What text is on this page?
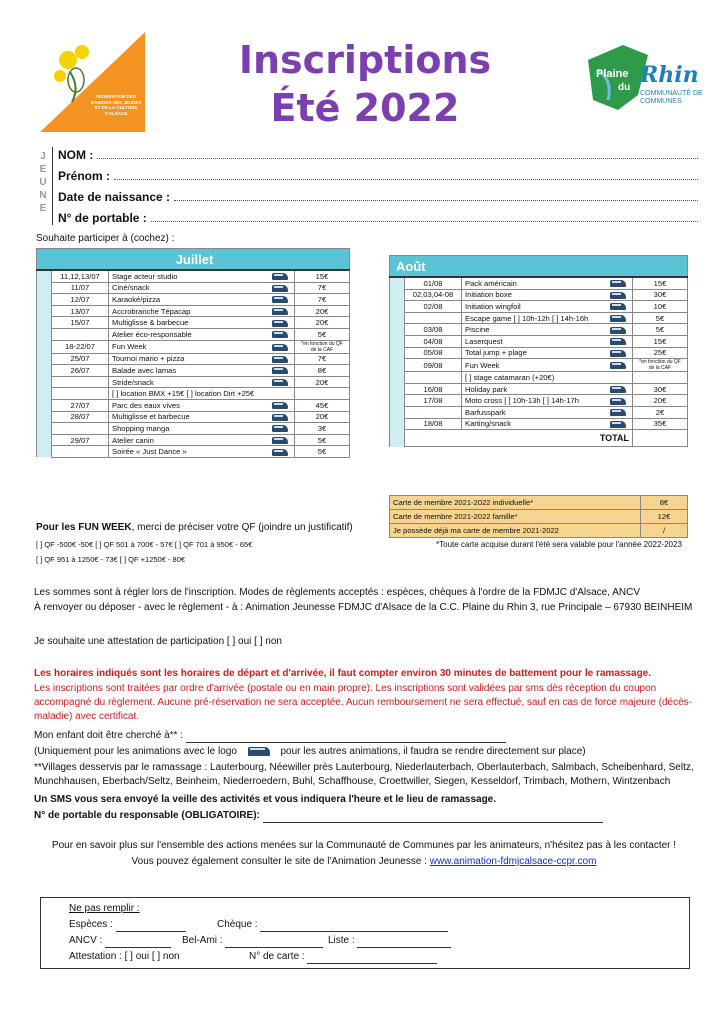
FÉDÉRATION DES MAISONS DES JEUNES ET DE LA CULTURE D'ALSACE
Inscriptions
Été 2022
Plaine
du Rhin
COMMUNAUTÉ DE COMMUNES
J
E
U
N
E
NOM :
Prénom :
Date de naissance :
N° de portable :
Souhaite participer à (cochez) :
Juillet				
	11,12,13/07	Stage acteur studio		15€
	11/07	Ciné/snack		7€
	12/07	Karaoké/pizza		7€
	13/07	Accrobranche Tépacap		20€
	15/07	Multiglisse & barbecue		20€
		Atelier éco-responsable		5€
	18-22/07	Fun Week		*en fonction du QF de la CAF
	25/07	Tournoi mario + pizza		7€
	26/07	Balade avec lamas		8€
		Stride/snack		20€
		[ ] location BMX +15€ [ ] location Dirt +25€		
	27/07	Parc des eaux vives		45€
	28/07	Multiglisse et barbecue		20€
		Shopping manga		3€
	29/07	Atelier canin		5€
		Soirée « Just Dance »		5€
Août				
	01/08	Pack américain		15€
	02,03,04-08	Initiation boxe		30€
	02/08	Initiation wingfoil		10€
		Escape game [ ] 10h-12h [ ] 14h-16h		5€
	03/08	Piscine		5€
	04/08	Laserquest		15€
	05/08	Total jump + plage		25€
	09/08	Fun Week		*en fonction du QF de la CAF
		[ ] stage catamaran (+20€)		
	16/08	Holiday park		30€
	17/08	Moto cross [ ] 10h-13h [ ] 14h-17h		20€
		Barfusspark		2€
	18/08	Karting/snack		35€
	TOTAL			
Carte de membre 2021-2022 individuelle*	8€
Carte de membre 2021-2022 famille*	12€
Je possède déjà ma carte de membre 2021-2022	/
*Toute carte acquise durant l'été sera valable pour l'année 2022-2023
Pour les FUN WEEK, merci de préciser votre QF (joindre un justificatif)
[ ] QF -500€ -50€ [ ] QF 501 à 700€ - 57€ [ ] QF 701 à 950€ - 65€
[ ] QF 951 à 1250€ - 73€ [ ] QF +1250€ - 80€
Les sommes sont à régler lors de l'inscription. Modes de règlements acceptés : espèces, chèques à l'ordre de la FDMJC d'Alsace, ANCV
À renvoyer ou déposer - avec le règlement - à : Animation Jeunesse FDMJC d'Alsace de la C.C. Plaine du Rhin 3, rue Principale – 67930 BEINHEIM
Je souhaite une attestation de participation [ ] oui [ ] non
Les horaires indiqués sont les horaires de départ et d'arrivée, il faut compter environ 30 minutes de battement pour le ramassage.
Les inscriptions sont traitées par ordre d'arrivée (postale ou en main propre). Les inscriptions sont validées par sms dès réception du coupon accompagné du règlement. Aucune pré-réservation ne sera acceptée. Aucun remboursement ne sera effectué, sauf en cas de force majeure (décès-maladie) avec certificat.
Mon enfant doit être cherché à** :
(Uniquement pour les animations avec le logo	pour les autres animations, il faudra se rendre directement sur place)
**Villages desservis par le ramassage : Lauterbourg, Néewiller près Lauterbourg, Niederlauterbach, Oberlauterbach, Salmbach, Scheibenhard, Seltz, Munchhausen, Eberbach/Seltz, Beinheim, Niederroedern, Buhl, Schaffhouse, Croettwiller, Siegen, Kesseldorf, Trimbach, Mothern, Wintzenbach
Un SMS vous sera envoyé la veille des activités et vous indiquera l'heure et le lieu de ramassage.
N° de portable du responsable (OBLIGATOIRE):
Pour en savoir plus sur l'ensemble des actions menées sur la Communauté de Communes par les animateurs, n'hésitez pas à les contacter !
Vous pouvez également consulter le site de l'Animation Jeunesse : www.animation-fdmjcalsace-ccpr.com
Ne pas remplir :
Espèces :	Chèque :
ANCV :	Bel-Ami :	Liste :
Attestation : [ ] oui [ ] non	N° de carte :
